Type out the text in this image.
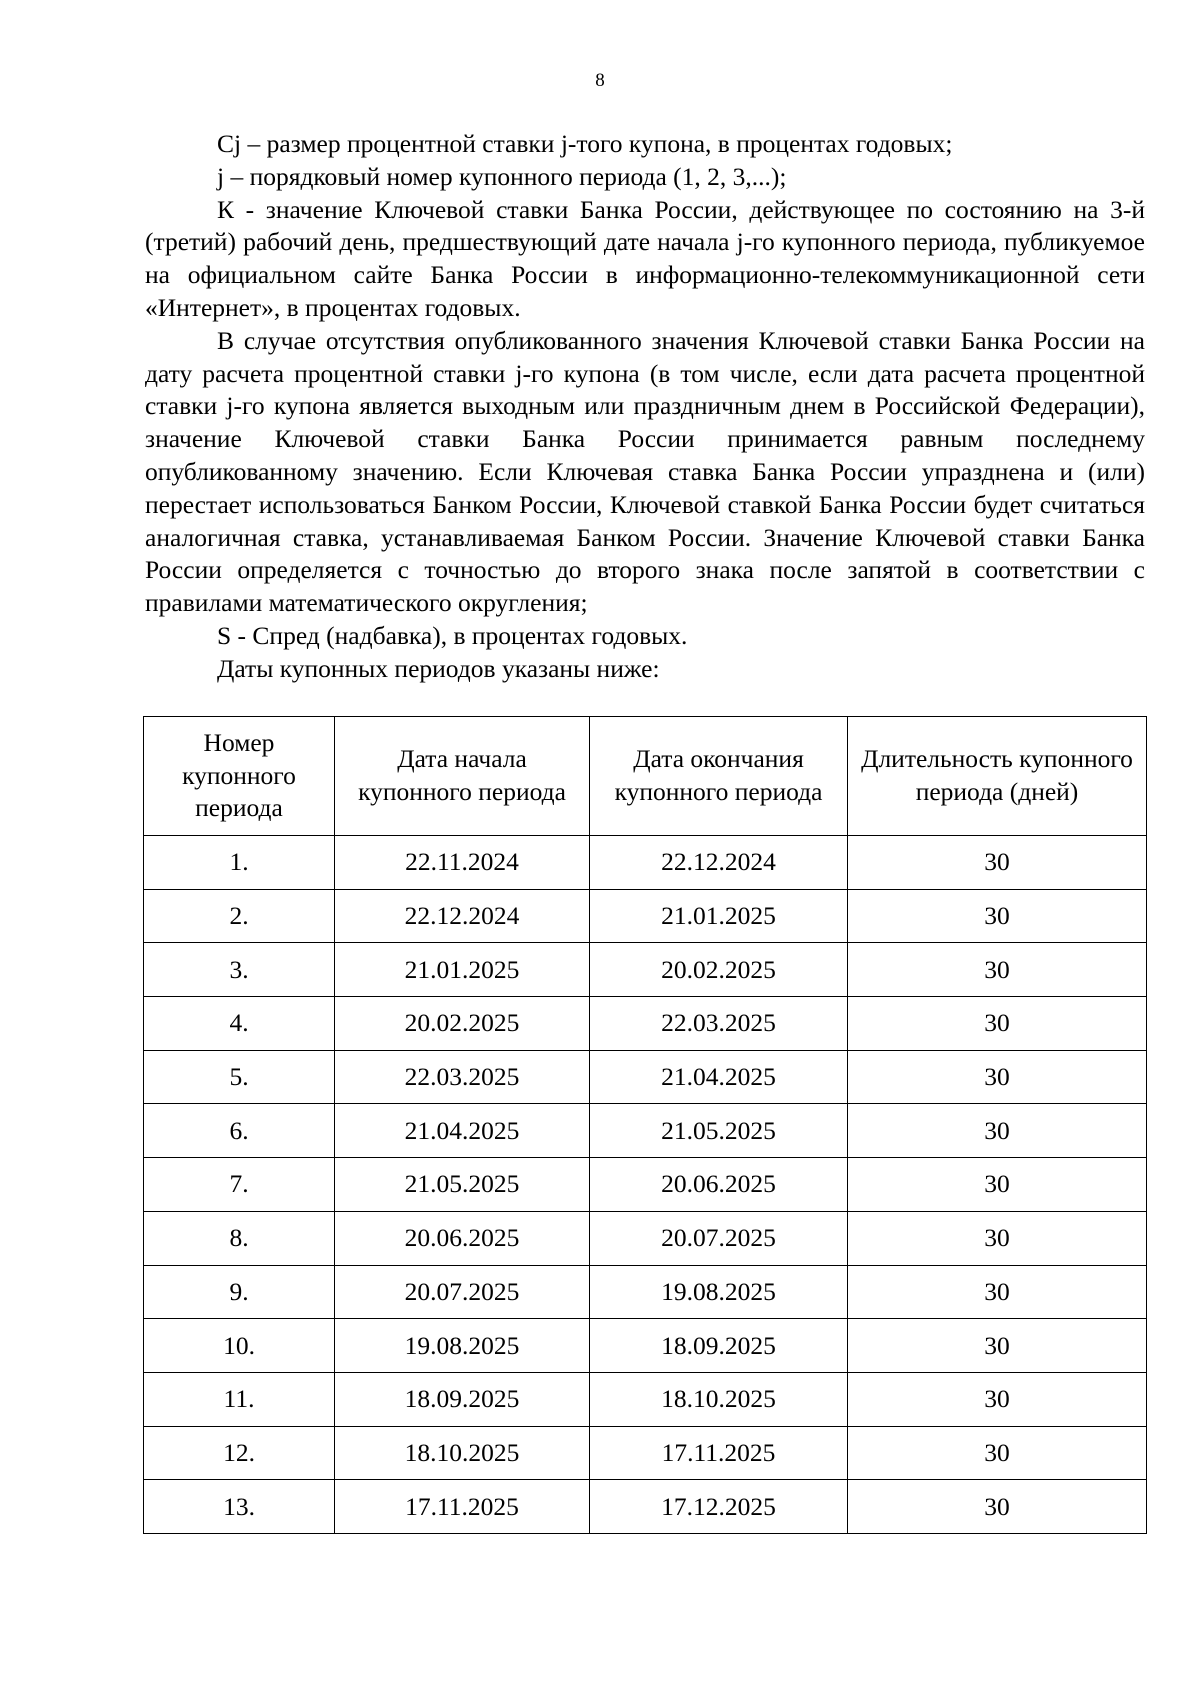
8

Cj – размер процентной ставки j-того купона, в процентах годовых;

j – порядковый номер купонного периода (1, 2, 3,...);

К - значение Ключевой ставки Банка России, действующее по состоянию на 3-й (третий) рабочий день, предшествующий дате начала j-го купонного периода, публикуемое на официальном сайте Банка России в информационно-телекоммуникационной сети «Интернет», в процентах годовых.

В случае отсутствия опубликованного значения Ключевой ставки Банка России на дату расчета процентной ставки j-го купона (в том числе, если дата расчета процентной ставки j-го купона является выходным или праздничным днем в Российской Федерации), значение Ключевой ставки Банка России принимается равным последнему опубликованному значению. Если Ключевая ставка Банка России упразднена и (или) перестает использоваться Банком России, Ключевой ставкой Банка России будет считаться аналогичная ставка, устанавливаемая Банком России. Значение Ключевой ставки Банка России определяется с точностью до второго знака после запятой в соответствии с правилами математического округления;

S - Спред (надбавка), в процентах годовых.

Даты купонных периодов указаны ниже:

Номер купонного периода	Дата начала купонного периода	Дата окончания купонного периода	Длительность купонного периода (дней)
1.	22.11.2024	22.12.2024	30
2.	22.12.2024	21.01.2025	30
3.	21.01.2025	20.02.2025	30
4.	20.02.2025	22.03.2025	30
5.	22.03.2025	21.04.2025	30
6.	21.04.2025	21.05.2025	30
7.	21.05.2025	20.06.2025	30
8.	20.06.2025	20.07.2025	30
9.	20.07.2025	19.08.2025	30
10.	19.08.2025	18.09.2025	30
11.	18.09.2025	18.10.2025	30
12.	18.10.2025	17.11.2025	30
13.	17.11.2025	17.12.2025	30
